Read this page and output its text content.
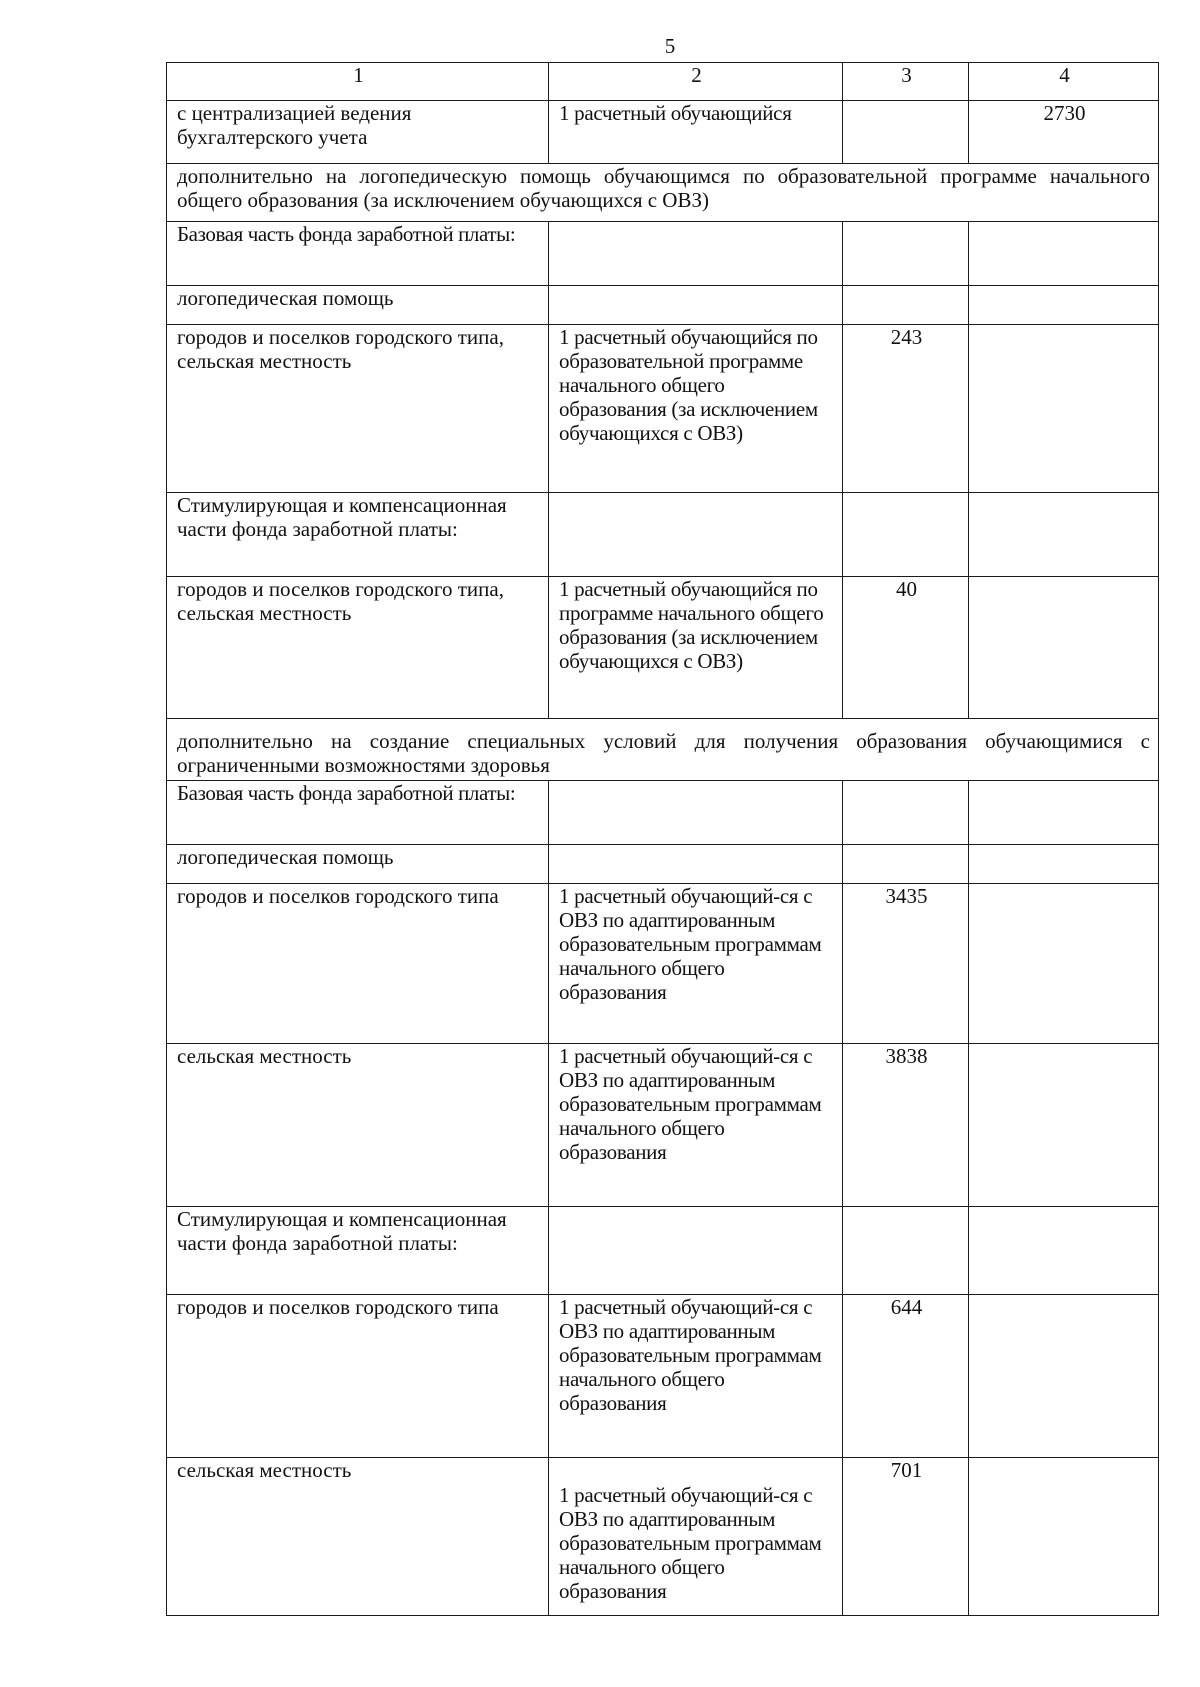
5
1	2	3	4
с централизацией ведения бухгалтерского учета	1 расчетный обучающийся		2730
дополнительно на логопедическую помощь обучающимся по образовательной программе начального общего образования (за исключением обучающихся с ОВЗ)			
Базовая часть фонда заработной платы:			
логопедическая помощь			
городов и поселков городского типа, сельская местность	1 расчетный обучающийся по образовательной программе начального общего образования (за исключением обучающихся с ОВЗ)	243	
Стимулирующая и компенсационная части фонда заработной платы:			
городов и поселков городского типа, сельская местность	1 расчетный обучающийся по программе начального общего образования (за исключением обучающихся с ОВЗ)	40	
дополнительно на создание специальных условий для получения образования обучающимися с ограниченными возможностями здоровья			
Базовая часть фонда заработной платы:			
логопедическая помощь			
городов и поселков городского типа	1 расчетный обучающий-ся с ОВЗ по адаптированным образовательным программам начального общего образования	3435	
сельская местность	1 расчетный обучающий-ся с ОВЗ по адаптированным образовательным программам начального общего образования	3838	
Стимулирующая и компенсационная части фонда заработной платы:			
городов и поселков городского типа	1 расчетный обучающий-ся с ОВЗ по адаптированным образовательным программам начального общего образования	644	
сельская местность	1 расчетный обучающий-ся с ОВЗ по адаптированным образовательным программам начального общего образования	701	
